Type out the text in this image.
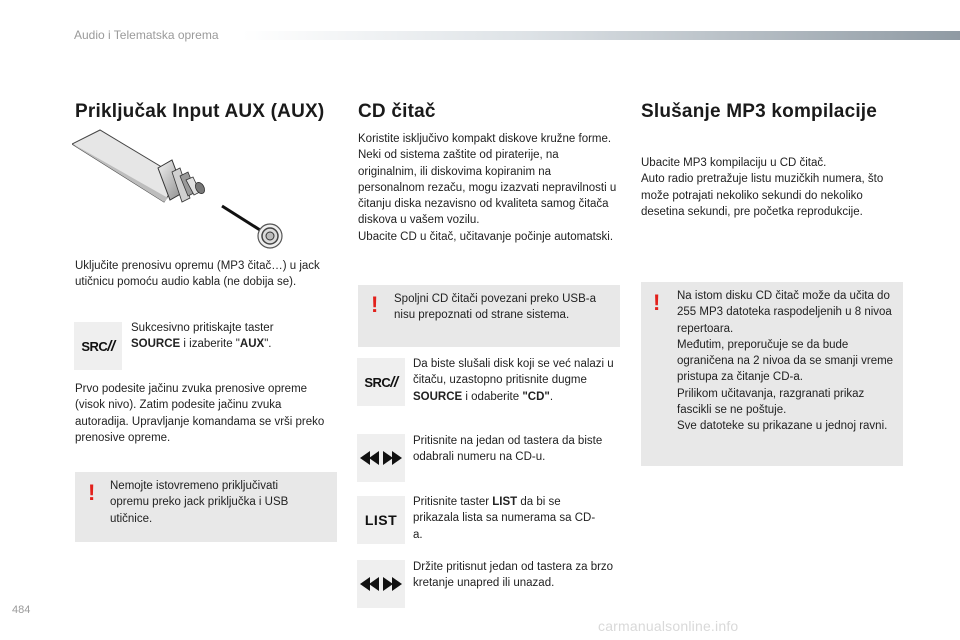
Audio i Telematska oprema
Priključak Input AUX (AUX)
Uključite prenosivu opremu (MP3 čitač…) u jack utičnicu pomoću audio kabla (ne dobija se).
SRC//
Sukcesivno pritiskajte taster
SOURCE i izaberite "AUX".
Prvo podesite jačinu zvuka prenosive opreme (visok nivo). Zatim podesite jačinu zvuka autoradija. Upravljanje komandama se vrši preko prenosive opreme.
! Nemojte istovremeno priključivati opremu preko jack priključka i USB utičnice.
CD čitač
Koristite isključivo kompakt diskove kružne forme.
Neki od sistema zaštite od piraterije, na originalnim, ili diskovima kopiranim na personalnom rezaču, mogu izazvati nepravilnosti u čitanju diska nezavisno od kvaliteta samog čitača diskova u vašem vozilu.
Ubacite CD u čitač, učitavanje počinje automatski.
! Spoljni CD čitači povezani preko USB-a nisu prepoznati od strane sistema.
SRC//
Da biste slušali disk koji se već nalazi u čitaču, uzastopno pritisnite dugme SOURCE i odaberite "CD".
Pritisnite na jedan od tastera da biste odabrali numeru na CD-u.
LIST
Pritisnite taster LIST da bi se prikazala lista sa numerama sa CD-a.
Držite pritisnut jedan od tastera za brzo kretanje unapred ili unazad.
Slušanje MP3 kompilacije
Ubacite MP3 kompilaciju u CD čitač.
Auto radio pretražuje listu muzičkih numera, što može potrajati nekoliko sekundi do nekoliko desetina sekundi, pre početka reprodukcije.
! Na istom disku CD čitač može da učita do 255 MP3 datoteka raspodeljenih u 8 nivoa repertoara.
Međutim, preporučuje se da bude ograničena na 2 nivoa da se smanji vreme pristupa za čitanje CD-a.
Prilikom učitavanja, razgranati prikaz fascikli se ne poštuje.
Sve datoteke su prikazane u jednoj ravni.
484
carmanualsonline.info
